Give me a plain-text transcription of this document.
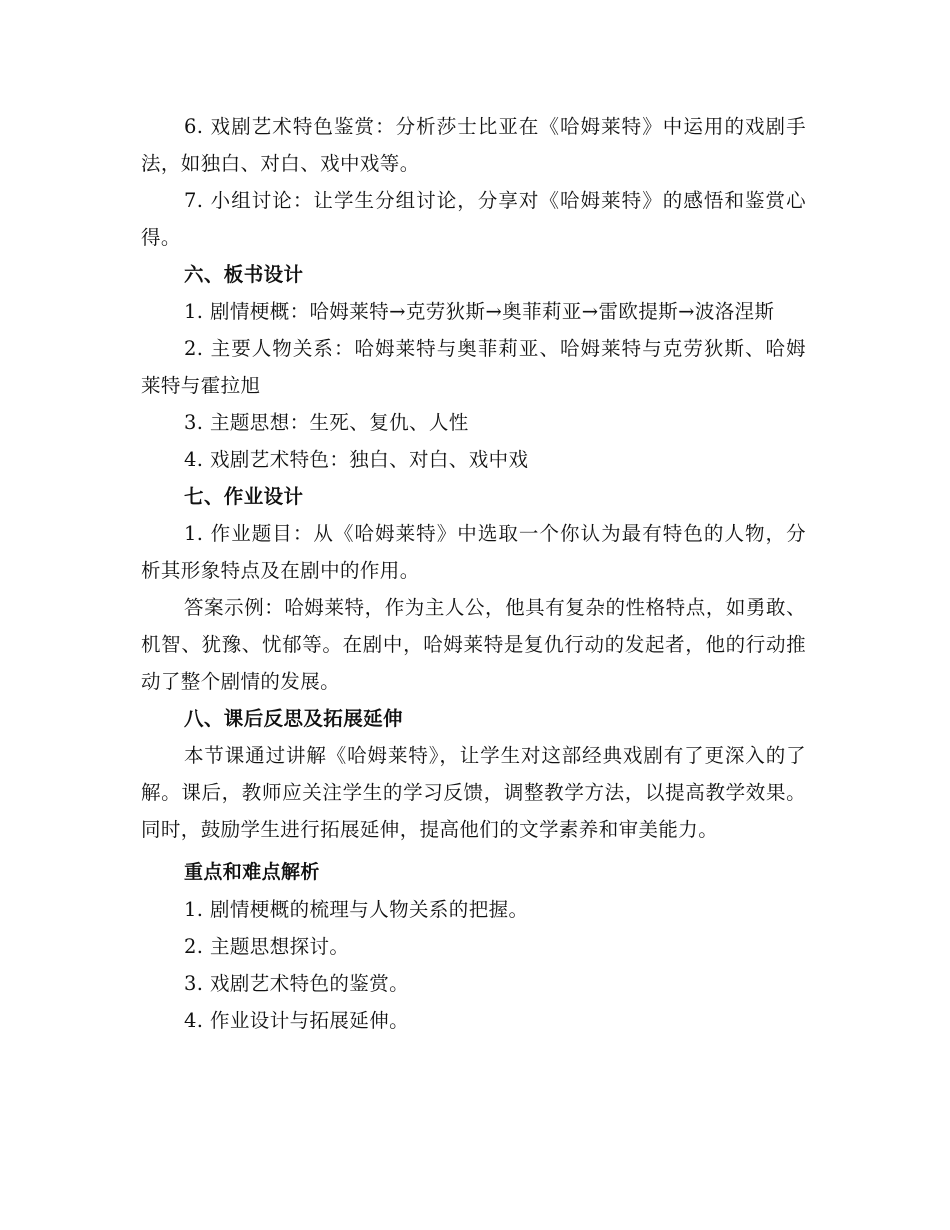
6. 戏剧艺术特色鉴赏：分析莎士比亚在《哈姆莱特》中运用的戏剧手法，如独白、对白、戏中戏等。

7. 小组讨论：让学生分组讨论，分享对《哈姆莱特》的感悟和鉴赏心得。

六、板书设计

1. 剧情梗概：哈姆莱特→克劳狄斯→奥菲莉亚→雷欧提斯→波洛涅斯

2. 主要人物关系：哈姆莱特与奥菲莉亚、哈姆莱特与克劳狄斯、哈姆莱特与霍拉旭

3. 主题思想：生死、复仇、人性

4. 戏剧艺术特色：独白、对白、戏中戏

七、作业设计

1. 作业题目：从《哈姆莱特》中选取一个你认为最有特色的人物，分析其形象特点及在剧中的作用。

答案示例：哈姆莱特，作为主人公，他具有复杂的性格特点，如勇敢、机智、犹豫、忧郁等。在剧中，哈姆莱特是复仇行动的发起者，他的行动推动了整个剧情的发展。

八、课后反思及拓展延伸

本节课通过讲解《哈姆莱特》，让学生对这部经典戏剧有了更深入的了解。课后，教师应关注学生的学习反馈，调整教学方法，以提高教学效果。同时，鼓励学生进行拓展延伸，提高他们的文学素养和审美能力。

重点和难点解析

1. 剧情梗概的梳理与人物关系的把握。

2. 主题思想探讨。

3. 戏剧艺术特色的鉴赏。

4. 作业设计与拓展延伸。
